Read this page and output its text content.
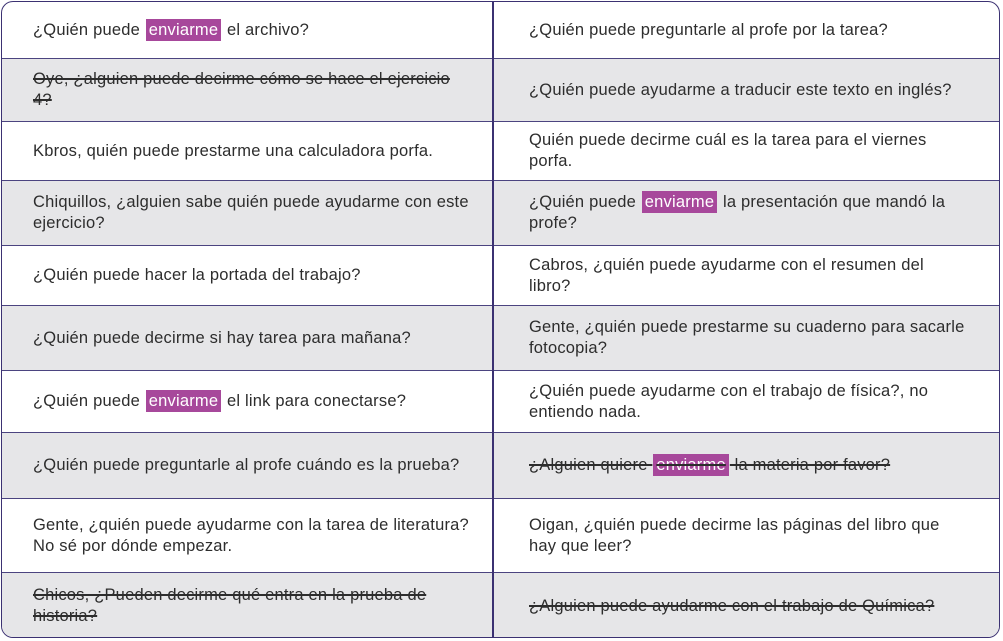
¿Quién puede enviarme el archivo?	¿Quién puede preguntarle al profe por la tarea?
Oye, ¿alguien puede decirme cómo se hace el ejercicio 4?
¿Quién puede ayudarme a traducir este texto en inglés?
Kbros, quién puede prestarme una calculadora porfa.
Quién puede decirme cuál es la tarea para el viernes porfa.
Chiquillos, ¿alguien sabe quién puede ayudarme con este ejercicio?
¿Quién puede enviarme la presentación que mandó la profe?
¿Quién puede hacer la portada del trabajo?
Cabros, ¿quién puede ayudarme con el resumen del libro?
¿Quién puede decirme si hay tarea para mañana?
Gente, ¿quién puede prestarme su cuaderno para sacarle fotocopia?
¿Quién puede enviarme el link para conectarse?
¿Quién puede ayudarme con el trabajo de física?, no entiendo nada.
¿Quién puede preguntarle al profe cuándo es la prueba?	¿Alguien quiere enviarme la materia por favor?
Gente, ¿quién puede ayudarme con la tarea de literatura? No sé por dónde empezar.
Oigan, ¿quién puede decirme las páginas del libro que hay que leer?
Chicos, ¿Pueden decirme qué entra en la prueba de historia?
¿Alguien puede ayudarme con el trabajo de Química?
